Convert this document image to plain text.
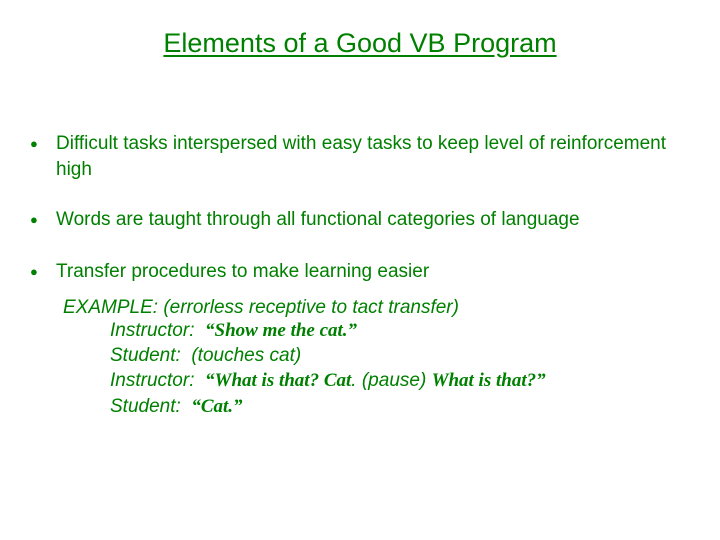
Elements of a Good VB Program
● Difficult tasks interspersed with easy tasks to keep level of reinforcement high
● Words are taught through all functional categories of language
● Transfer procedures to make learning easier
EXAMPLE: (errorless receptive to tact transfer)
Instructor: “Show me the cat.”
Student: (touches cat)
Instructor: “What is that? Cat. (pause) What is that?”
Student: “Cat.”
